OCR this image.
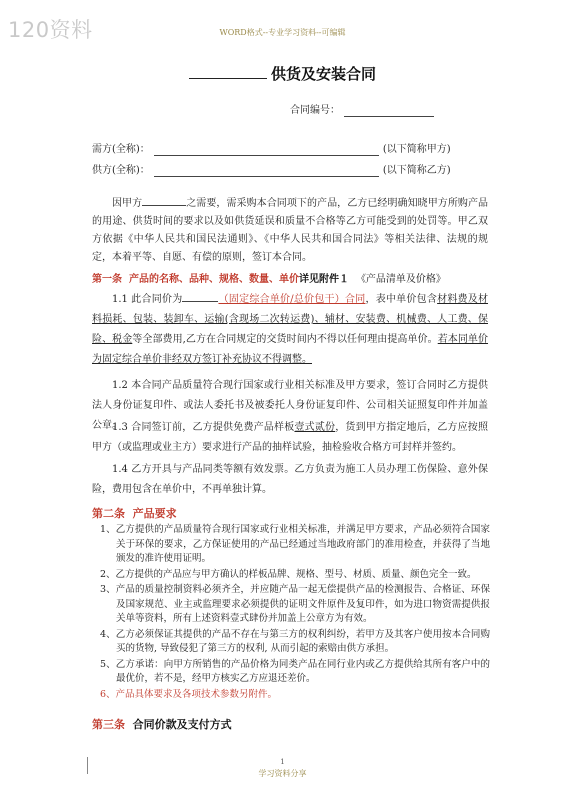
120资料	WORD格式--专业学习资料--可编辑
供货及安装合同
合同编号：
需方(全称)：	(以下简称甲方)
供方(全称)：	(以下简称乙方)

因甲方	之需要，需采购本合同项下的产品，乙方已经明确知晓甲方所购产品的用途、供货时间的要求以及如供货延误和质量不合格等乙方可能受到的处罚等。甲乙双方依据《中华人民共和国民法通则》、《中华人民共和国合同法》等相关法律、法规的规定，本着平等、自愿、有偿的原则，签订本合同。

第一条 产品的名称、品种、规格、数量、单价详见附件１ 《产品清单及价格》

1.1 此合同价为	（固定综合单价/总价包干）合同，表中单价包含材料费及材料损耗、包装、装卸车、运输(含现场二次转运费)、辅材、安装费、机械费、人工费、保险、税金等全部费用,乙方在合同规定的交货时间内不得以任何理由提高单价。若本同单价为固定综合单价非经双方签订补充协议不得调整。

1.2 本合同产品质量符合现行国家或行业相关标准及甲方要求，签订合同时乙方提供法人身份证复印件、或法人委托书及被委托人身份证复印件、公司相关证照复印件并加盖公章。

1.3 合同签订前，乙方提供免费产品样板壹式贰份，货到甲方指定地后，乙方应按照甲方（或监理或业主方）要求进行产品的抽样试验，抽检验收合格方可封样并签约。

1.4 乙方开具与产品同类等额有效发票。乙方负责为施工人员办理工伤保险、意外保险，费用包含在单价中，不再单独计算。

第二条 产品要求
1、乙方提供的产品质量符合现行国家或行业相关标准，并满足甲方要求，产品必须符合国家关于环保的要求，乙方保证使用的产品已经通过当地政府部门的准用检查，并获得了当地颁发的准许使用证明。
2、乙方提供的产品应与甲方确认的样板品牌、规格、型号、材质、质量、颜色完全一致。
3、产品的质量控制资料必须齐全，并应随产品一起无偿提供产品的检测报告、合格证、环保及国家规范、业主或监理要求必须提供的证明文件原件及复印件，如为进口物资需提供报关单等资料，所有上述资料壹式肆份并加盖上公章方为有效。
4、乙方必须保证其提供的产品不存在与第三方的权利纠纷，若甲方及其客户使用按本合同购买的货物, 导致侵犯了第三方的权利, 从而引起的索赔由供方承担。
5、乙方承诺：向甲方所销售的产品价格为同类产品在同行业内或乙方提供给其所有客户中的最优价，若不是，经甲方核实乙方应退还差价。
6、产品具体要求及各项技术参数另附件。
第三条 合同价款及支付方式
1
学习资料分享
